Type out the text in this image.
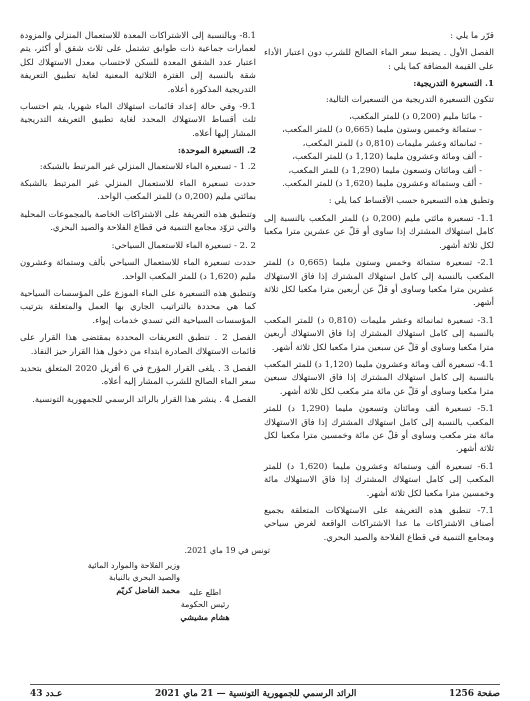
قرّر ما يلي :

الفصل الأول . يضبط سعر الماء الصالح للشرب دون اعتبار الأداء على القيمة المضافة كما يلي :

1. التسعيرة التدريجية:

تتكون التسعيرة التدريجية من التسعيرات التالية:

- مائتا مليم (0,200 د) للمتر المكعب،
- ستمائة وخمس وستون مليما (0,665 د) للمتر المكعب،
- ثمانمائة وعشر مليمات (0,810 د) للمتر المكعب،
- ألف ومائة وعشرون مليما (1,120 د) للمتر المكعب،
- ألف ومائتان وتسعون مليما (1,290 د) للمتر المكعب،
- ألف وستمائة وعشرون مليما (1,620 د) للمتر المكعب.

وتطبق هذه التسعيرة حسب الأقساط كما يلي :

1.1- تسعيرة مائتي مليم (0,200 د) للمتر المكعب بالنسبة إلى كامل استهلاك المشترك إذا ساوى أو قلّ عن عشرين مترا مكعبا لكل ثلاثة أشهر.

2.1- تسعيرة ستمائة وخمس وستون مليما (0,665 د) للمتر المكعب بالنسبة إلى كامل استهلاك المشترك إذا فاق الاستهلاك عشرين مترا مكعبا وساوى أو قلّ عن أربعين مترا مكعبا لكل ثلاثة أشهر.

3.1- تسعيرة ثمانمائة وعشر مليمات (0,810 د) للمتر المكعب بالنسبة إلى كامل استهلاك المشترك إذا فاق الاستهلاك أربعين مترا مكعبا وساوى أو قلّ عن سبعين مترا مكعبا لكل ثلاثة أشهر.

4.1- تسعيرة ألف ومائة وعشرون مليما (1,120 د) للمتر المكعب بالنسبة إلى كامل استهلاك المشترك إذا فاق الاستهلاك سبعين مترا مكعبا وساوى أو قلّ عن مائة متر مكعب لكل ثلاثة أشهر.

5.1- تسعيرة ألف ومائتان وتسعون مليما (1,290 د) للمتر المكعب بالنسبة إلى كامل استهلاك المشترك إذا فاق الاستهلاك مائة متر مكعب وساوى أو قلّ عن مائة وخمسين مترا مكعبا لكل ثلاثة أشهر.

6.1- تسعيرة ألف وستمائة وعشرون مليما (1,620 د) للمتر المكعب إلى كامل استهلاك المشترك إذا فاق الاستهلاك مائة وخمسين مترا مكعبا لكل ثلاثة أشهر.

7.1- تنطبق هذه التعريفة على الاستهلاكات المتعلقة بجميع أصناف الاشتراكات ما عدا الاشتراكات الواقعة لغرض سياحي ومجامع التنمية في قطاع الفلاحة والصيد البحري.

8.1- وبالنسبة إلى الاشتراكات المعدة للاستعمال المنزلي والمزودة لعمارات جماعية ذات طوابق تشتمل على ثلاث شقق أو أكثر، يتم اعتبار عدد الشقق المعدة للسكن لاحتساب معدل الاستهلاك لكل شقة بالنسبة إلى الفترة الثلاثية المعنية لغاية تطبيق التعريفة التدريجية المذكورة أعلاه.

9.1- وفي حالة إعداد قائمات استهلاك الماء شهريا، يتم احتساب ثلث أقساط الاستهلاك المحدد لغاية تطبيق التعريفة التدريجية المشار إليها أعلاه.

2. التسعيرة الموحدة:

2. 1 - تسعيرة الماء للاستعمال المنزلي غير المرتبط بالشبكة:

حددت تسعيرة الماء للاستعمال المنزلي غير المرتبط بالشبكة بمائتي مليم (0,200 د) للمتر المكعب الواحد.

وتنطبق هذه التعريفة على الاشتراكات الخاصة بالمجموعات المحلية والتي تزوّد مجامع التنمية في قطاع الفلاحة والصيد البحري.

2 .2 - تسعيرة الماء للاستعمال السياحي:

حددت تسعيرة الماء للاستعمال السياحي بألف وستمائة وعشرون مليم (1,620 د) للمتر المكعب الواحد.

وتنطبق هذه التسعيرة على الماء الموزع على المؤسسات السياحية كما هي محددة بالتراتيب الجاري بها العمل والمتعلقة بترتيب المؤسسات السياحية التي تسدي خدمات إيواء.

الفصل 2 . تنطبق التعريفات المحددة بمقتضى هذا القرار على قائمات الاستهلاك الصادرة ابتداء من دخول هذا القرار حيز النفاذ.

الفصل 3 . يلغى القرار المؤرخ في 6 أفريل 2020 المتعلق بتحديد سعر الماء الصالح للشرب المشار إليه أعلاه.

الفصل 4 . ينشر هذا القرار بالرائد الرسمي للجمهورية التونسية.

تونس في 19 ماي 2021.
وزير الفلاحة والموارد المائية
والصيد البحري بالنيابة
محمد الفاضل كريّم	اطلع عليه
رئيس الحكومة
هشام مشيشي
عـدد 43	الرائد الرسمي للجمهورية التونسية — 21 ماي 2021	صفحة 1256
